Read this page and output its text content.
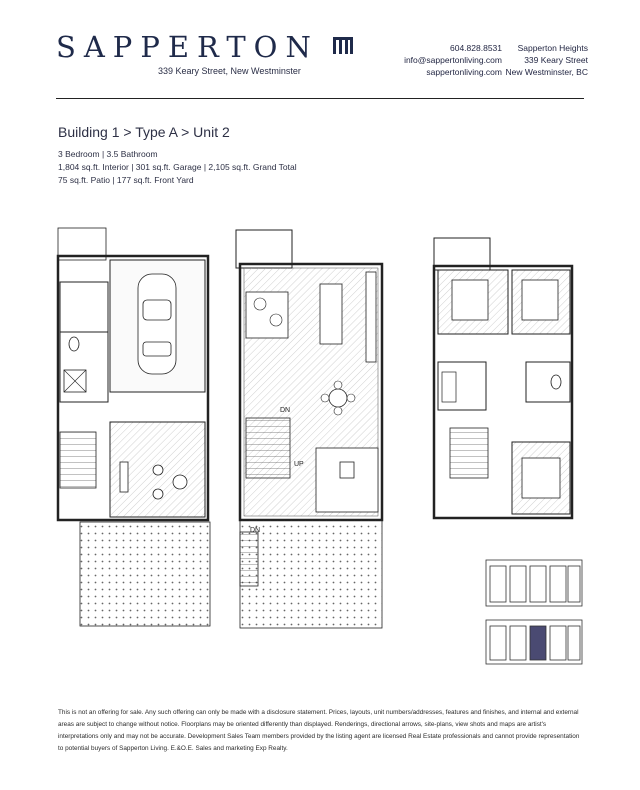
SAPPERTON
339 Keary Street, New Westminster
604.828.8531
info@sappertonliving.com
sappertonliving.com
Sapperton Heights
339 Keary Street
New Westminster, BC
Building 1 > Type A > Unit 2
3 Bedroom | 3.5 Bathroom
1,804 sq.ft. Interior | 301 sq.ft. Garage | 2,105 sq.ft. Grand Total
75 sq.ft. Patio | 177 sq.ft. Front Yard
DN
UP
DN
This is not an offering for sale. Any such offering can only be made with a disclosure statement. Prices, layouts, unit numbers/addresses, features and finishes, and internal and external areas are subject to change without notice. Floorplans may be oriented differently than displayed. Renderings, directional arrows, site-plans, view shots and maps are artist's interpretations only and may not be accurate. Development Sales Team members provided by the listing agent are licensed Real Estate professionals and cannot provide representation to potential buyers of Sapperton Living. E.&O.E. Sales and marketing Exp Realty.
